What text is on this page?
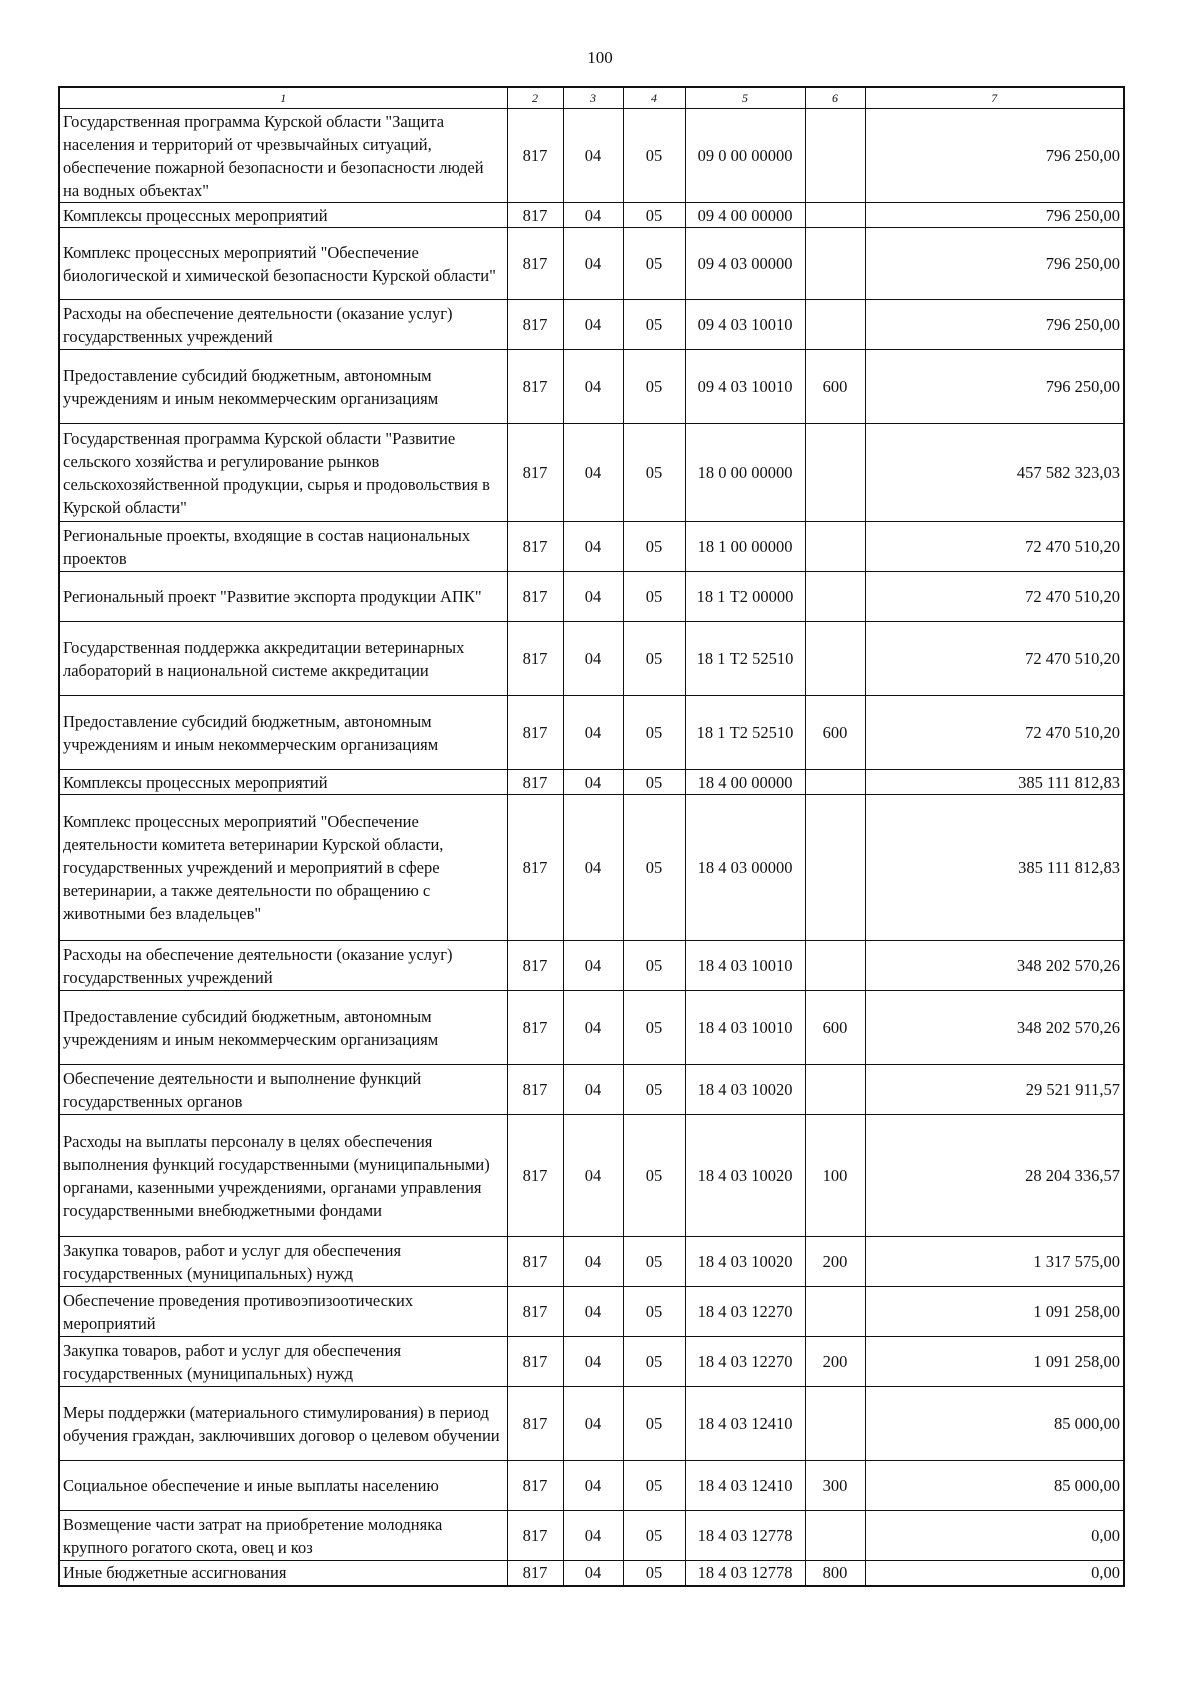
100
1	2	3	4	5	6	7
Государственная программа Курской области "Защита населения и территорий от чрезвычайных ситуаций, обеспечение пожарной безопасности и безопасности людей на водных объектах"	817	04	05	09 0 00 00000		796 250,00
Комплексы процессных мероприятий	817	04	05	09 4 00 00000		796 250,00
Комплекс процессных мероприятий "Обеспечение биологической и химической безопасности Курской области"	817	04	05	09 4 03 00000		796 250,00
Расходы на обеспечение деятельности (оказание услуг) государственных учреждений	817	04	05	09 4 03 10010		796 250,00
Предоставление субсидий бюджетным, автономным учреждениям и иным некоммерческим организациям	817	04	05	09 4 03 10010	600	796 250,00
Государственная программа Курской области "Развитие сельского хозяйства и регулирование рынков сельскохозяйственной продукции, сырья и продовольствия в Курской области"	817	04	05	18 0 00 00000		457 582 323,03
Региональные проекты, входящие в состав национальных проектов	817	04	05	18 1 00 00000		72 470 510,20
Региональный проект "Развитие экспорта продукции АПК"	817	04	05	18 1 Т2 00000		72 470 510,20
Государственная поддержка аккредитации ветеринарных лабораторий в национальной системе аккредитации	817	04	05	18 1 Т2 52510		72 470 510,20
Предоставление субсидий бюджетным, автономным учреждениям и иным некоммерческим организациям	817	04	05	18 1 Т2 52510	600	72 470 510,20
Комплексы процессных мероприятий	817	04	05	18 4 00 00000		385 111 812,83
Комплекс процессных мероприятий "Обеспечение деятельности комитета ветеринарии Курской области, государственных учреждений и мероприятий в сфере ветеринарии, а также деятельности по обращению с животными без владельцев"	817	04	05	18 4 03 00000		385 111 812,83
Расходы на обеспечение деятельности (оказание услуг) государственных учреждений	817	04	05	18 4 03 10010		348 202 570,26
Предоставление субсидий бюджетным, автономным учреждениям и иным некоммерческим организациям	817	04	05	18 4 03 10010	600	348 202 570,26
Обеспечение деятельности и выполнение функций государственных органов	817	04	05	18 4 03 10020		29 521 911,57
Расходы на выплаты персоналу в целях обеспечения выполнения функций государственными (муниципальными) органами, казенными учреждениями, органами управления государственными внебюджетными фондами	817	04	05	18 4 03 10020	100	28 204 336,57
Закупка товаров, работ и услуг для обеспечения государственных (муниципальных) нужд	817	04	05	18 4 03 10020	200	1 317 575,00
Обеспечение проведения противоэпизоотических мероприятий	817	04	05	18 4 03 12270		1 091 258,00
Закупка товаров, работ и услуг для обеспечения государственных (муниципальных) нужд	817	04	05	18 4 03 12270	200	1 091 258,00
Меры поддержки (материального стимулирования) в период обучения граждан, заключивших договор о целевом обучении	817	04	05	18 4 03 12410		85 000,00
Социальное обеспечение и иные выплаты населению	817	04	05	18 4 03 12410	300	85 000,00
Возмещение части затрат на приобретение молодняка крупного рогатого скота, овец и коз	817	04	05	18 4 03 12778		0,00
Иные бюджетные ассигнования	817	04	05	18 4 03 12778	800	0,00
